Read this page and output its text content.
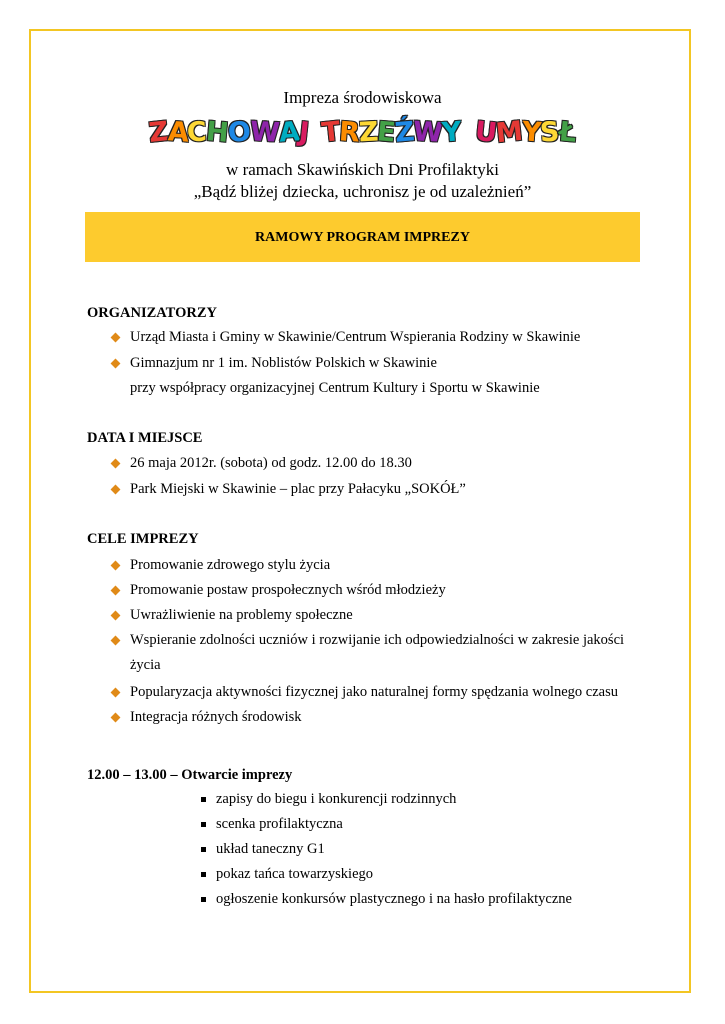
Impreza środowiskowa
ZACHOWAJ TRZEŹWY UMYSŁ
w ramach Skawińskich Dni Profilaktyki
„Bądź bliżej dziecka, uchronisz je od uzależnień”
RAMOWY PROGRAM IMPREZY
ORGANIZATORZY
Urząd Miasta i Gminy w Skawinie/Centrum Wspierania Rodziny w Skawinie
Gimnazjum nr 1 im. Noblistów Polskich w Skawinie
przy współpracy organizacyjnej Centrum Kultury i Sportu w Skawinie
DATA I MIEJSCE
26 maja 2012r. (sobota) od godz. 12.00 do 18.30
Park Miejski w Skawinie – plac przy Pałacyku „SOKÓŁ”
CELE IMPREZY
Promowanie zdrowego stylu życia
Promowanie postaw prospołecznych wśród młodzieży
Uwrażliwienie na problemy społeczne
Wspieranie zdolności uczniów i rozwijanie ich odpowiedzialności w zakresie jakości
życia
Popularyzacja aktywności fizycznej jako naturalnej formy spędzania wolnego czasu
Integracja różnych środowisk
12.00 – 13.00 – Otwarcie imprezy
zapisy do biegu i konkurencji rodzinnych
scenka profilaktyczna
układ taneczny G1
pokaz tańca towarzyskiego
ogłoszenie konkursów plastycznego i na hasło profilaktyczne
